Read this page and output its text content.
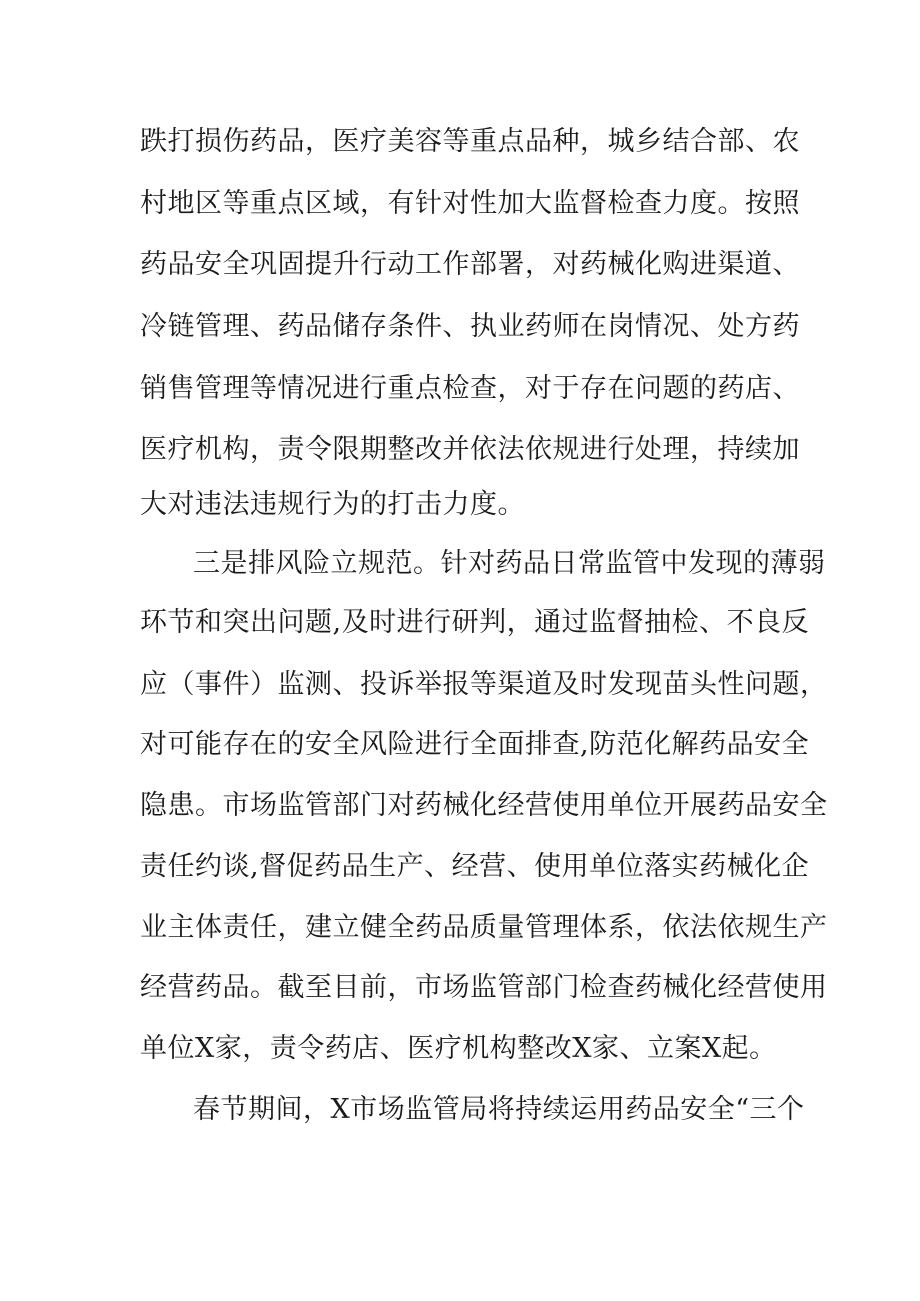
跌打损伤药品，医疗美容等重点品种，城乡结合部、农
村地区等重点区域，有针对性加大监督检查力度。按照
药品安全巩固提升行动工作部署，对药械化购进渠道、
冷链管理、药品储存条件、执业药师在岗情况、处方药
销售管理等情况进行重点检查，对于存在问题的药店、
医疗机构，责令限期整改并依法依规进行处理，持续加
大对违法违规行为的打击力度。
三是排风险立规范。针对药品日常监管中发现的薄弱
环节和突出问题,及时进行研判，通过监督抽检、不良反
应（事件）监测、投诉举报等渠道及时发现苗头性问题，
对可能存在的安全风险进行全面排查,防范化解药品安全
隐患。市场监管部门对药械化经营使用单位开展药品安全
责任约谈,督促药品生产、经营、使用单位落实药械化企
业主体责任，建立健全药品质量管理体系，依法依规生产
经营药品。截至目前，市场监管部门检查药械化经营使用
单位X家，责令药店、医疗机构整改X家、立案X起。
春节期间，X市场监管局将持续运用药品安全“三个
